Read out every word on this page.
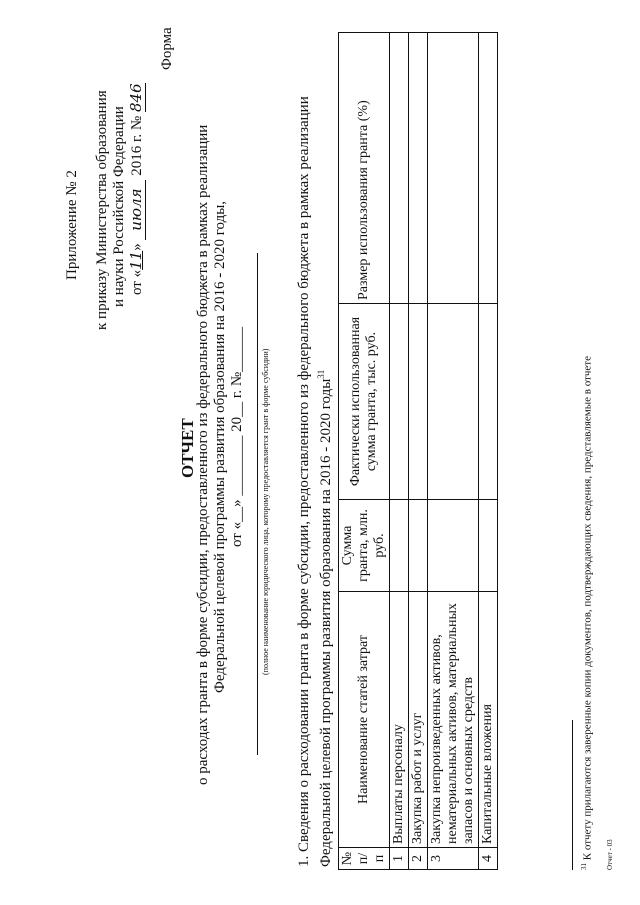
Приложение № 2 к приказу Министерства образования и науки Российской Федерации от «11» июля 2016 г. № 846
Форма
ОТЧЕТ
о расходах гранта в форме субсидии, предоставленного из федерального бюджета в рамках реализации Федеральной целевой программы развития образования на 2016 - 2020 годы, от «__» ________ 20__ г. №______ (полное наименование юридического лица, которому предоставляется грант в форме субсидии) 1. Сведения о расходовании гранта в форме субсидии, предоставленного из федерального бюджета в рамках реализации Федеральной целевой программы развития образования на 2016 - 2020 годы$^{31}$
№ п/п	Наименование статей затрат	Сумма гранта, млн. руб.	Фактически использованная сумма гранта, тыс. руб.	Размер использования гранта (%)
1	Выплаты персоналу			
2	Закупка работ и услуг			
3	Закупка непроизведенных активов, нематериальных активов, материальных запасов и основных средств			
4	Капитальные вложения			
$^{31}$ К отчету прилагаются заверенные копии документов, подтверждающих сведения, представляемые в отчете Отчет - 03
